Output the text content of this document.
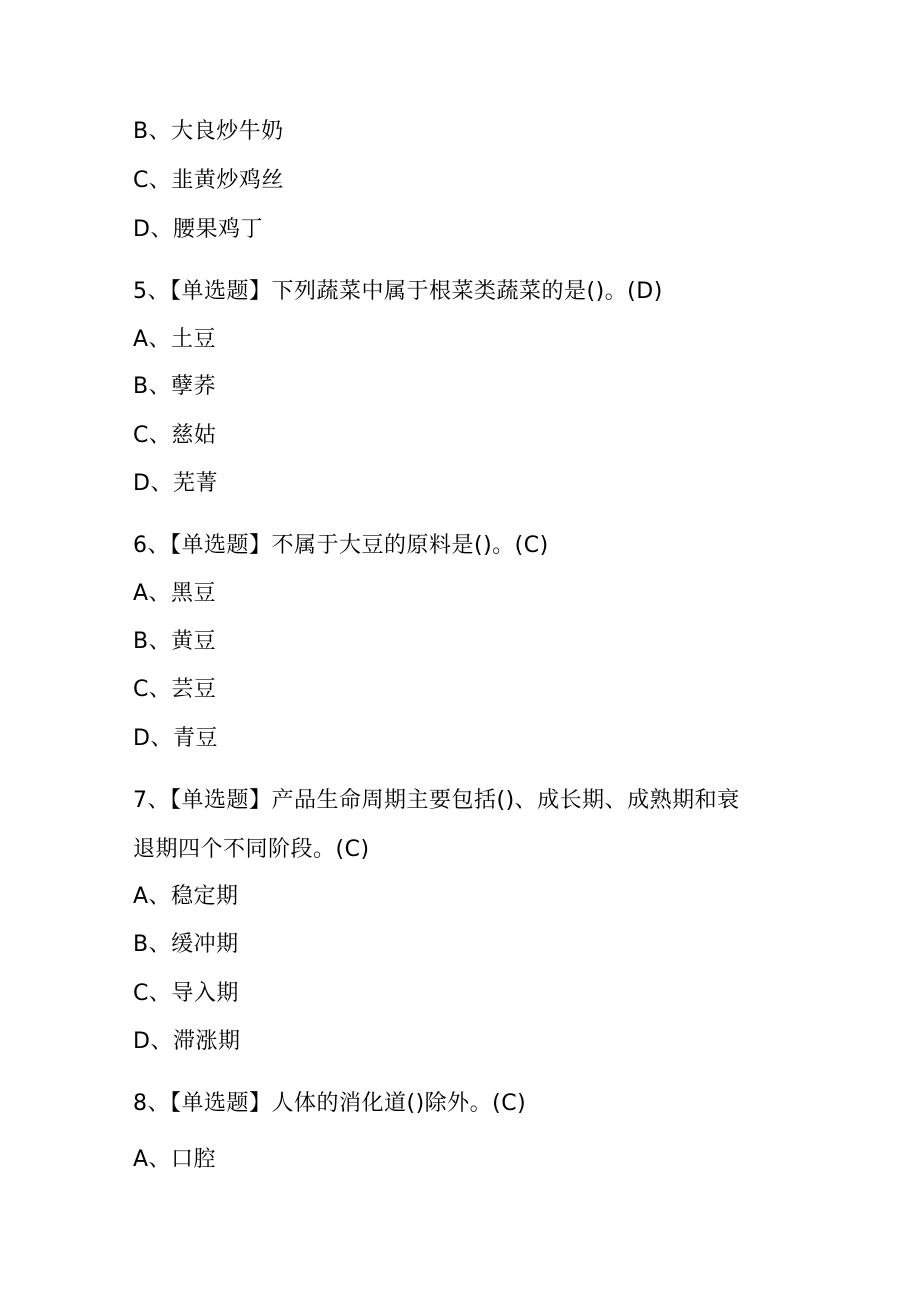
B、大良炒牛奶
C、韭黄炒鸡丝
D、腰果鸡丁
5、【单选题】下列蔬菜中属于根菜类蔬菜的是()。(D)
A、土豆
B、孽荞
C、慈姑
D、芜菁
6、【单选题】不属于大豆的原料是()。(C)
A、黑豆
B、黄豆
C、芸豆
D、青豆
7、【单选题】产品生命周期主要包括()、成长期、成熟期和衰
退期四个不同阶段。(C)
A、稳定期
B、缓冲期
C、导入期
D、滞涨期
8、【单选题】人体的消化道()除外。(C)
A、口腔
